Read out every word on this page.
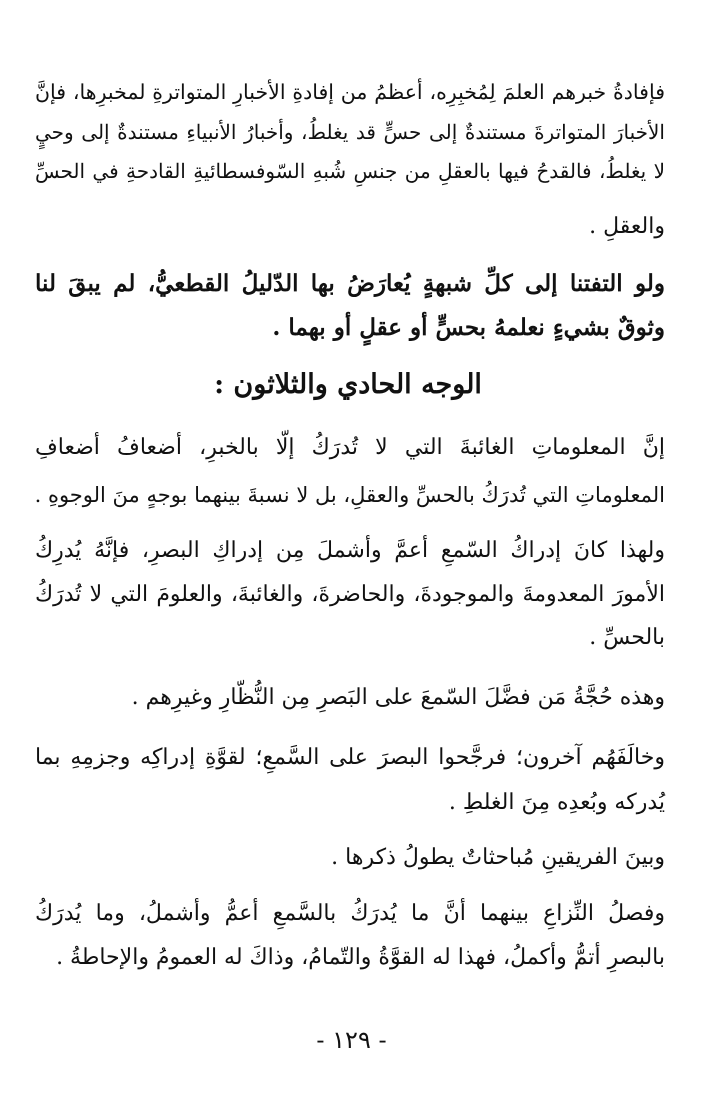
فإفادةُ خبرهم العلمَ لِمُخبِرِه، أعظمُ من إفادةِ الأخبارِ المتواترةِ لمخبرِها، فإنَّ
الأخبارَ المتواترةَ مستندةٌ إلى حسٍّ قد يغلطُ، وأخبارُ الأنبياءِ مستندةٌ إلى وحيٍ
لا يغلطُ، فالقدحُ فيها بالعقلِ من جنسِ شُبهِ السّوفسطائيةِ القادحةِ في الحسِّ
والعقلِ .
ولو التفتنا إلى كلِّ شبهةٍ يُعارَضُ بها الدّليلُ القطعيُّ، لم يبقَ لنا
وثوقٌ بشيءٍ نعلمهُ بحسٍّ أو عقلٍ أو بهما .
الوجه الحادي والثلاثون :
إنَّ المعلوماتِ الغائبةَ التي لا تُدرَكُ إلّا بالخبرِ، أضعافُ أضعافِ
المعلوماتِ التي تُدرَكُ بالحسِّ والعقلِ، بل لا نسبةَ بينهما بوجهٍ منَ الوجوهِ .
ولهذا كانَ إدراكُ السّمعِ أعمَّ وأشملَ مِن إدراكِ البصرِ، فإنَّهُ يُدرِكُ
الأمورَ المعدومةَ والموجودةَ، والحاضرةَ، والغائبةَ، والعلومَ التي لا تُدرَكُ
بالحسِّ .
وهذه حُجَّةُ مَن فضَّلَ السّمعَ على البَصرِ مِن النُّظّارِ وغيرِهم .
وخالَفَهُم آخرون؛ فرجَّحوا البصرَ على السَّمعِ؛ لقوَّةِ إدراكِه وجزمِهِ بما
يُدركه وبُعدِه مِنَ الغلطِ .
وبينَ الفريقينِ مُباحثاتٌ يطولُ ذكرها .
وفصلُ النِّزاعِ بينهما أنَّ ما يُدرَكُ بالسَّمعِ أعمُّ وأشملُ، وما يُدرَكُ
بالبصرِ أتمُّ وأكملُ، فهذا له القوَّةُ والتّمامُ، وذاكَ له العمومُ والإحاطةُ .
- ١٢٩ -
